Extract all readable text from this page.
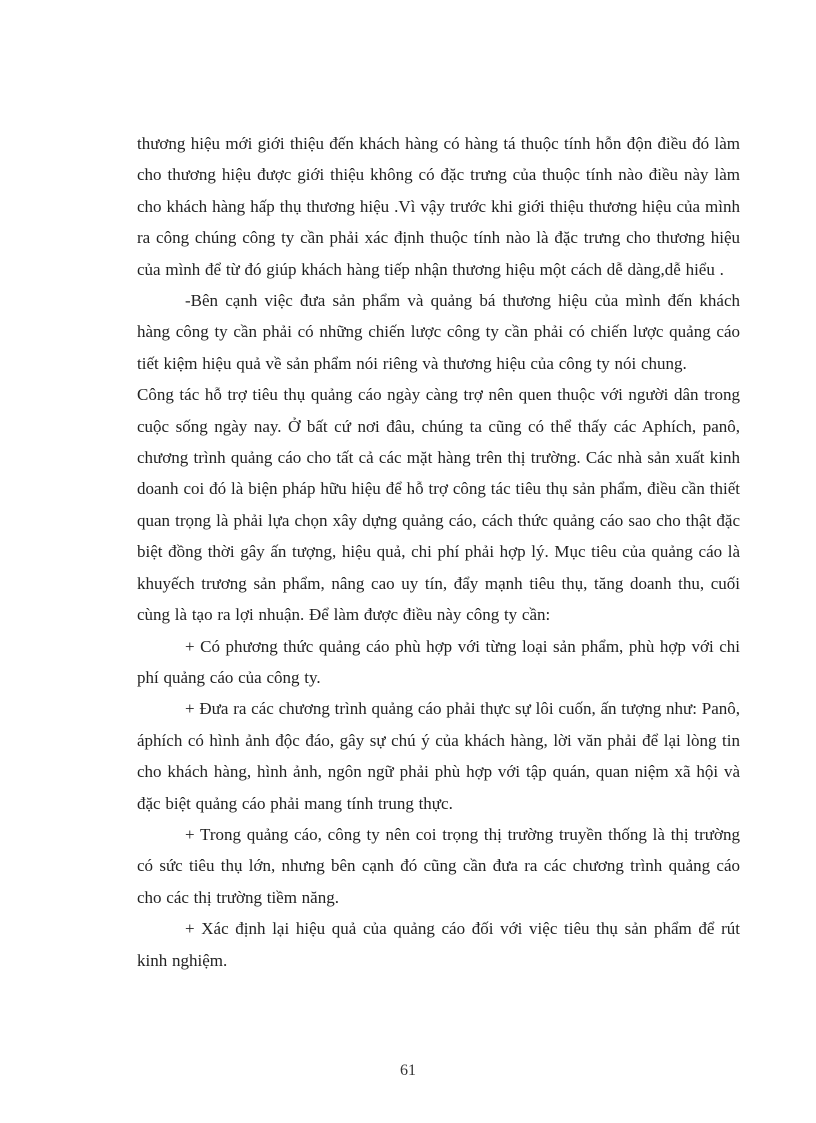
thương hiệu mới giới thiệu đến khách hàng có hàng tá thuộc tính hỗn độn điều đó làm cho thương hiệu được giới thiệu không có đặc trưng của thuộc tính nào điều này làm cho khách hàng hấp thụ thương hiệu .Vì vậy trước khi giới thiệu thương hiệu của mình ra công chúng công ty cần phải xác định thuộc tính nào là đặc trưng cho thương hiệu của mình để từ đó giúp khách hàng tiếp nhận thương hiệu một cách dễ dàng,dễ hiểu .

-Bên cạnh việc đưa sản phẩm và quảng bá thương hiệu của mình đến khách hàng công ty cần phải có những chiến lược công ty cần phải có chiến lược quảng cáo tiết kiệm hiệu quả về sản phẩm nói riêng và thương hiệu của công ty nói chung.

Công tác hỗ trợ tiêu thụ quảng cáo ngày càng trợ nên quen thuộc với người dân trong cuộc sống ngày nay. Ở bất cứ nơi đâu, chúng ta cũng có thể thấy các Aphích, panô, chương trình quảng cáo cho tất cả các mặt hàng trên thị trường. Các nhà sản xuất kinh doanh coi đó là biện pháp hữu hiệu để hỗ trợ công tác tiêu thụ sản phẩm, điều cần thiết quan trọng là phải lựa chọn xây dựng quảng cáo, cách thức quảng cáo sao cho thật đặc biệt đồng thời gây ấn tượng, hiệu quả, chi phí phải hợp lý. Mục tiêu của quảng cáo là khuyếch trương sản phẩm, nâng cao uy tín, đẩy mạnh tiêu thụ, tăng doanh thu, cuối cùng là tạo ra lợi nhuận. Để làm được điều này công ty cần:

+ Có phương thức quảng cáo phù hợp với từng loại sản phẩm, phù hợp với chi phí quảng cáo của công ty.

+ Đưa ra các chương trình quảng cáo phải thực sự lôi cuốn, ấn tượng như: Panô, áphích có hình ảnh độc đáo, gây sự chú ý của khách hàng, lời văn phải để lại lòng tin cho khách hàng, hình ảnh, ngôn ngữ phải phù hợp với tập quán, quan niệm xã hội và đặc biệt quảng cáo phải mang tính trung thực.

+ Trong quảng cáo, công ty nên coi trọng thị trường truyền thống là thị trường có sức tiêu thụ lớn, nhưng bên cạnh đó cũng cần đưa ra các chương trình quảng cáo cho các thị trường tiềm năng.

+ Xác định lại hiệu quả của quảng cáo đối với việc tiêu thụ sản phẩm để rút kinh nghiệm.

61
